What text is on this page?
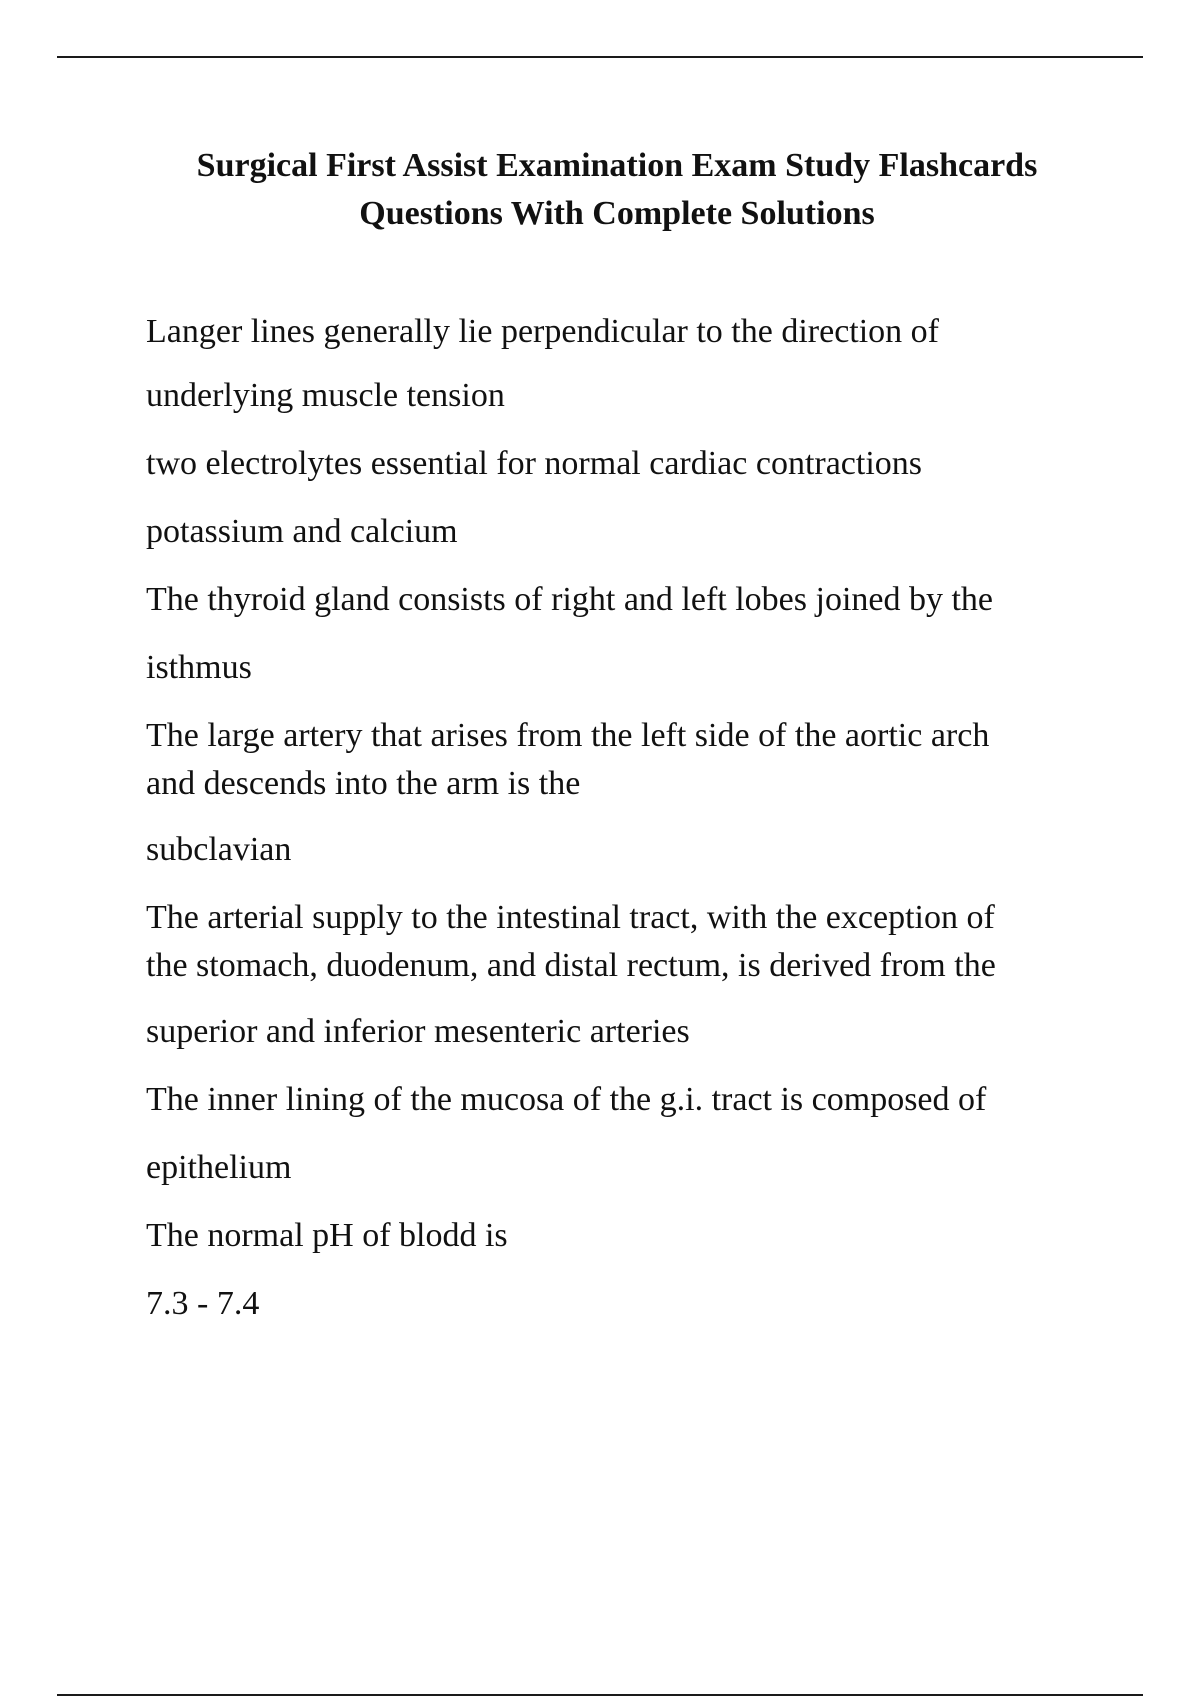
Surgical First Assist Examination Exam Study Flashcards
Questions With Complete Solutions
Langer lines generally lie perpendicular to the direction of
underlying muscle tension
two electrolytes essential for normal cardiac contractions
potassium and calcium
The thyroid gland consists of right and left lobes joined by the
isthmus
The large artery that arises from the left side of the aortic arch
and descends into the arm is the
subclavian
The arterial supply to the intestinal tract, with the exception of
the stomach, duodenum, and distal rectum, is derived from the
superior and inferior mesenteric arteries
The inner lining of the mucosa of the g.i. tract is composed of
epithelium
The normal pH of blodd is
7.3 - 7.4
